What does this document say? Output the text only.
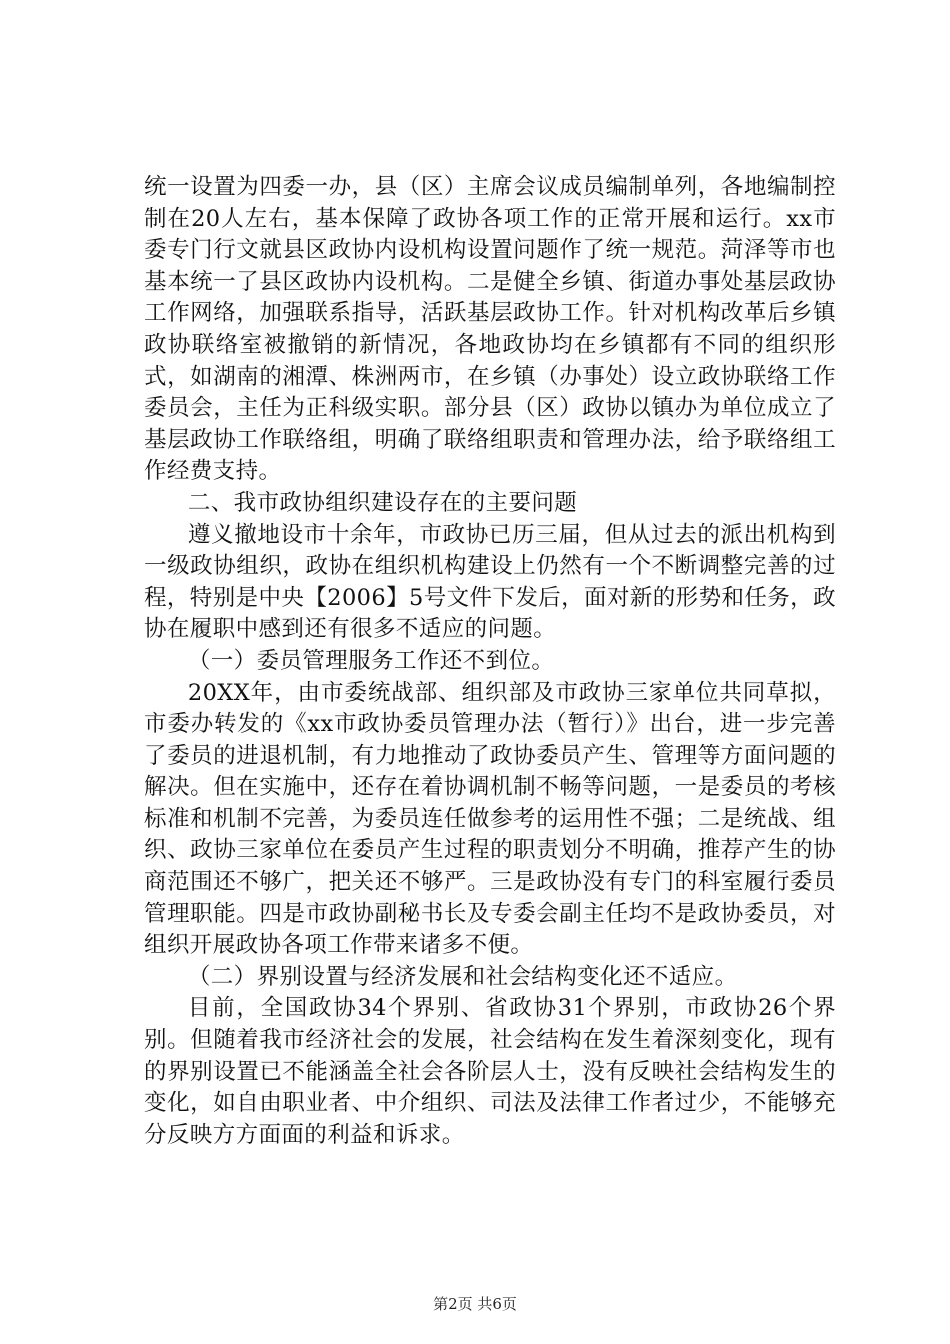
统一设置为四委一办，县（区）主席会议成员编制单列，各地编制控制在20人左右，基本保障了政协各项工作的正常开展和运行。xx市委专门行文就县区政协内设机构设置问题作了统一规范。菏泽等市也基本统一了县区政协内设机构。二是健全乡镇、街道办事处基层政协工作网络，加强联系指导，活跃基层政协工作。针对机构改革后乡镇政协联络室被撤销的新情况，各地政协均在乡镇都有不同的组织形式，如湖南的湘潭、株洲两市，在乡镇（办事处）设立政协联络工作委员会，主任为正科级实职。部分县（区）政协以镇办为单位成立了基层政协工作联络组，明确了联络组职责和管理办法，给予联络组工作经费支持。

二、我市政协组织建设存在的主要问题

遵义撤地设市十余年，市政协已历三届，但从过去的派出机构到一级政协组织，政协在组织机构建设上仍然有一个不断调整完善的过程，特别是中央【2006】5号文件下发后，面对新的形势和任务，政协在履职中感到还有很多不适应的问题。

（一）委员管理服务工作还不到位。

20XX年，由市委统战部、组织部及市政协三家单位共同草拟，市委办转发的《xx市政协委员管理办法（暂行）》出台，进一步完善了委员的进退机制，有力地推动了政协委员产生、管理等方面问题的解决。但在实施中，还存在着协调机制不畅等问题，一是委员的考核标准和机制不完善，为委员连任做参考的运用性不强；二是统战、组织、政协三家单位在委员产生过程的职责划分不明确，推荐产生的协商范围还不够广，把关还不够严。三是政协没有专门的科室履行委员管理职能。四是市政协副秘书长及专委会副主任均不是政协委员，对组织开展政协各项工作带来诸多不便。

（二）界别设置与经济发展和社会结构变化还不适应。

目前，全国政协34个界别、省政协31个界别，市政协26个界别。但随着我市经济社会的发展，社会结构在发生着深刻变化，现有的界别设置已不能涵盖全社会各阶层人士，没有反映社会结构发生的变化，如自由职业者、中介组织、司法及法律工作者过少，不能够充分反映方方面面的利益和诉求。

第2页 共6页
